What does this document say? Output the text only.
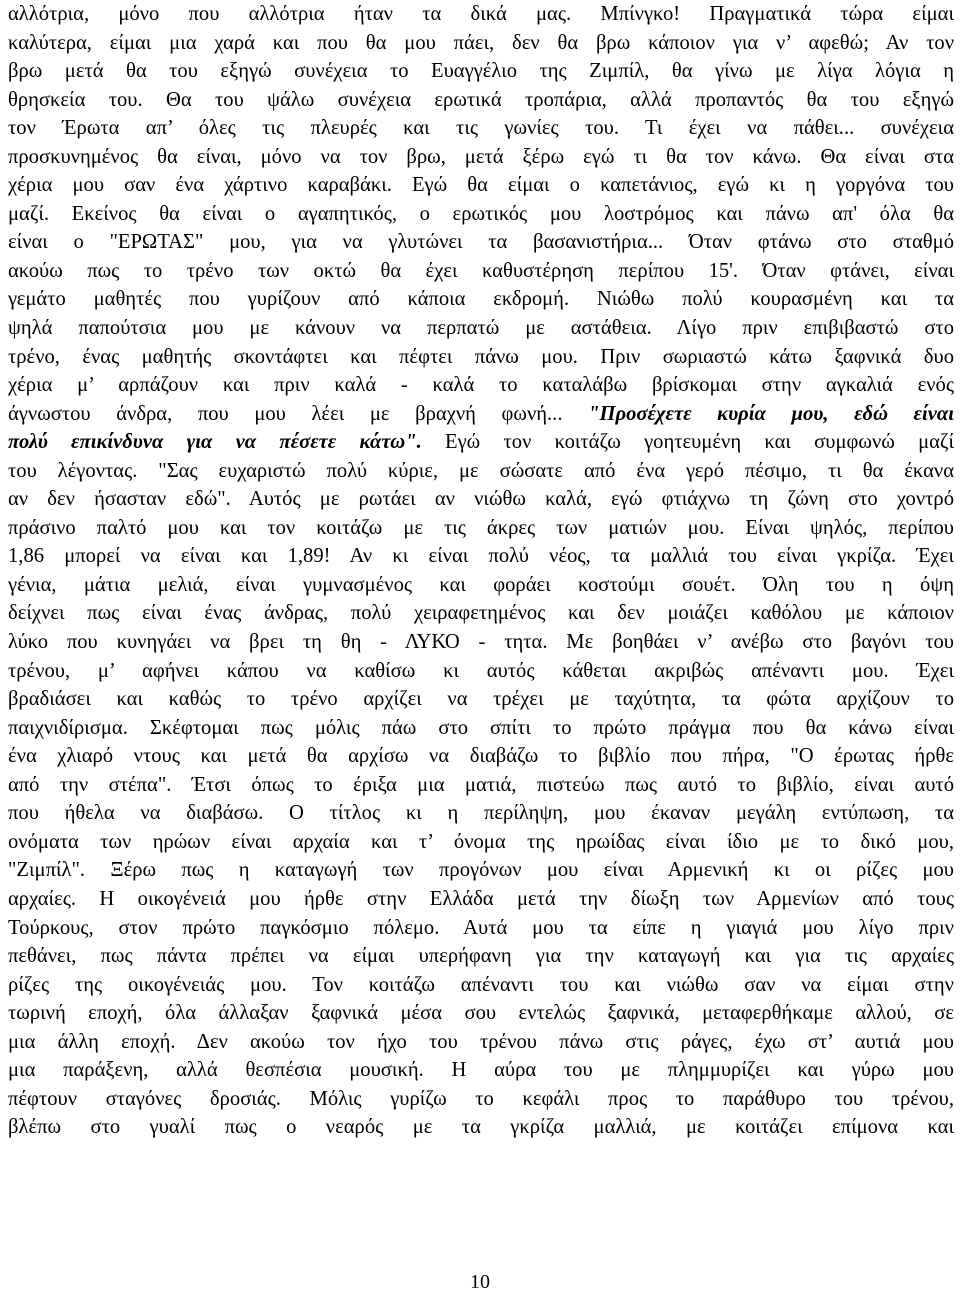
αλλότρια, μόνο που αλλότρια ήταν τα δικά μας. Μπίνγκο! Πραγματικά τώρα είμαι
καλύτερα, είμαι μια χαρά και που θα μου πάει, δεν θα βρω κάποιον για ν’ αφεθώ; Αν τον
βρω μετά θα του εξηγώ συνέχεια το Ευαγγέλιο της Ζιμπίλ, θα γίνω με λίγα λόγια η
θρησκεία του. Θα του ψάλω συνέχεια ερωτικά τροπάρια, αλλά προπαντός θα του εξηγώ
τον Έρωτα απ’ όλες τις πλευρές και τις γωνίες του. Τι έχει να πάθει... συνέχεια
προσκυνημένος θα είναι, μόνο να τον βρω, μετά ξέρω εγώ τι θα τον κάνω. Θα είναι στα
χέρια μου σαν ένα χάρτινο καραβάκι. Εγώ θα είμαι ο καπετάνιος, εγώ κι η γοργόνα του
μαζί. Εκείνος θα είναι ο αγαπητικός, ο ερωτικός μου λοστρόμος και πάνω απ' όλα θα
είναι ο "ΕΡΩΤΑΣ" μου, για να γλυτώνει τα βασανιστήρια... Όταν φτάνω στο σταθμό
ακούω πως το τρένο των οκτώ θα έχει καθυστέρηση περίπου 15'. Όταν φτάνει, είναι
γεμάτο μαθητές που γυρίζουν από κάποια εκδρομή. Νιώθω πολύ κουρασμένη και τα
ψηλά παπούτσια μου με κάνουν να περπατώ με αστάθεια. Λίγο πριν επιβιβαστώ στο
τρένο, ένας μαθητής σκοντάφτει και πέφτει πάνω μου. Πριν σωριαστώ κάτω ξαφνικά δυο
χέρια μ’ αρπάζουν και πριν καλά - καλά το καταλάβω βρίσκομαι στην αγκαλιά ενός
άγνωστου άνδρα, που μου λέει με βραχνή φωνή... "Προσέχετε κυρία μου, εδώ είναι
πολύ επικίνδυνα για να πέσετε κάτω". Εγώ τον κοιτάζω γοητευμένη και συμφωνώ μαζί
του λέγοντας. "Σας ευχαριστώ πολύ κύριε, με σώσατε από ένα γερό πέσιμο, τι θα έκανα
αν δεν ήσασταν εδώ". Αυτός με ρωτάει αν νιώθω καλά, εγώ φτιάχνω τη ζώνη στο χοντρό
πράσινο παλτό μου και τον κοιτάζω με τις άκρες των ματιών μου. Είναι ψηλός, περίπου
1,86 μπορεί να είναι και 1,89! Αν κι είναι πολύ νέος, τα μαλλιά του είναι γκρίζα. Έχει
γένια, μάτια μελιά, είναι γυμνασμένος και φοράει κοστούμι σουέτ. Όλη του η όψη
δείχνει πως είναι ένας άνδρας, πολύ χειραφετημένος και δεν μοιάζει καθόλου με κάποιον
λύκο που κυνηγάει να βρει τη θη - ΛΥΚΟ - τητα. Με βοηθάει ν’ ανέβω στο βαγόνι του
τρένου, μ’ αφήνει κάπου να καθίσω κι αυτός κάθεται ακριβώς απέναντι μου. Έχει
βραδιάσει και καθώς το τρένο αρχίζει να τρέχει με ταχύτητα, τα φώτα αρχίζουν το
παιχνιδίρισμα. Σκέφτομαι πως μόλις πάω στο σπίτι το πρώτο πράγμα που θα κάνω είναι
ένα χλιαρό ντους και μετά θα αρχίσω να διαβάζω το βιβλίο που πήρα, "Ο έρωτας ήρθε
από την στέπα". Έτσι όπως το έριξα μια ματιά, πιστεύω πως αυτό το βιβλίο, είναι αυτό
που ήθελα να διαβάσω. Ο τίτλος κι η περίληψη, μου έκαναν μεγάλη εντύπωση, τα
ονόματα των ηρώων είναι αρχαία και τ’ όνομα της ηρωίδας είναι ίδιο με το δικό μου,
"Ζιμπίλ". Ξέρω πως η καταγωγή των προγόνων μου είναι Αρμενική κι οι ρίζες μου
αρχαίες. Η οικογένειά μου ήρθε στην Ελλάδα μετά την δίωξη των Αρμενίων από τους
Τούρκους, στον πρώτο παγκόσμιο πόλεμο. Αυτά μου τα είπε η γιαγιά μου λίγο πριν
πεθάνει, πως πάντα πρέπει να είμαι υπερήφανη για την καταγωγή και για τις αρχαίες
ρίζες της οικογένειάς μου. Τον κοιτάζω απέναντι του και νιώθω σαν να είμαι στην
τωρινή εποχή, όλα άλλαξαν ξαφνικά μέσα σου εντελώς ξαφνικά, μεταφερθήκαμε αλλού, σε
μια άλλη εποχή. Δεν ακούω τον ήχο του τρένου πάνω στις ράγες, έχω στ’ αυτιά μου
μια παράξενη, αλλά θεσπέσια μουσική. Η αύρα του με πλημμυρίζει και γύρω μου
πέφτουν σταγόνες δροσιάς. Μόλις γυρίζω το κεφάλι προς το παράθυρο του τρένου,
βλέπω στο γυαλί πως ο νεαρός με τα γκρίζα μαλλιά, με κοιτάζει επίμονα και
10
